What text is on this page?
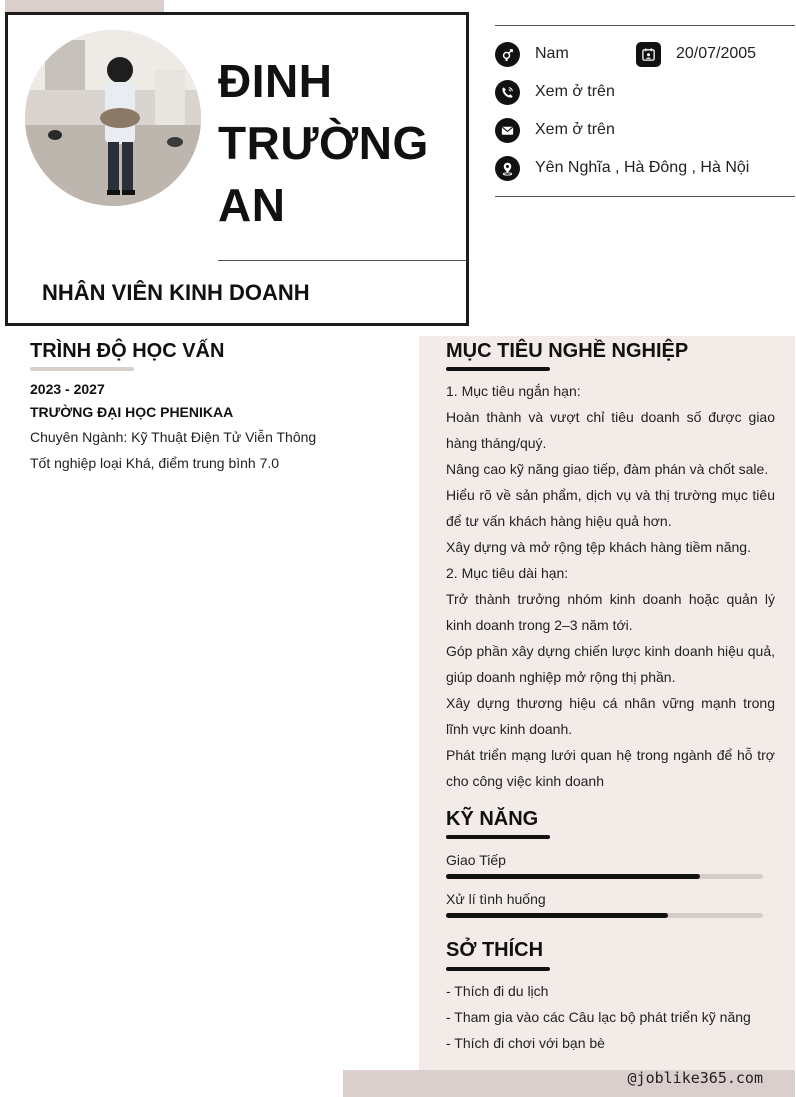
ĐINH
TRƯỜNG
AN
NHÂN VIÊN KINH DOANH
Nam	20/07/2005
Xem ở trên
Xem ở trên
Yên Nghĩa , Hà Đông , Hà Nội
TRÌNH ĐỘ HỌC VẤN
2023 - 2027
TRƯỜNG ĐẠI HỌC PHENIKAA
Chuyên Ngành: Kỹ Thuật Điện Tử Viễn Thông
Tốt nghiệp loại Khá, điểm trung bình 7.0
MỤC TIÊU NGHỀ NGHIỆP

1. Mục tiêu ngắn hạn:

Hoàn thành và vượt chỉ tiêu doanh số được giao hàng tháng/quý.

Nâng cao kỹ năng giao tiếp, đàm phán và chốt sale.

Hiểu rõ về sản phẩm, dịch vụ và thị trường mục tiêu để tư vấn khách hàng hiệu quả hơn.

Xây dựng và mở rộng tệp khách hàng tiềm năng.

2. Mục tiêu dài hạn:

Trở thành trưởng nhóm kinh doanh hoặc quản lý kinh doanh trong 2–3 năm tới.

Góp phần xây dựng chiến lược kinh doanh hiệu quả, giúp doanh nghiệp mở rộng thị phần.

Xây dựng thương hiệu cá nhân vững mạnh trong lĩnh vực kinh doanh.

Phát triển mạng lưới quan hệ trong ngành để hỗ trợ cho công việc kinh doanh

KỸ NĂNG
Giao Tiếp
Xử lí tình huống
SỞ THÍCH
- Thích đi du lịch
- Tham gia vào các Câu lạc bộ phát triển kỹ năng
- Thích đi chơi với bạn bè
@joblike365.com
